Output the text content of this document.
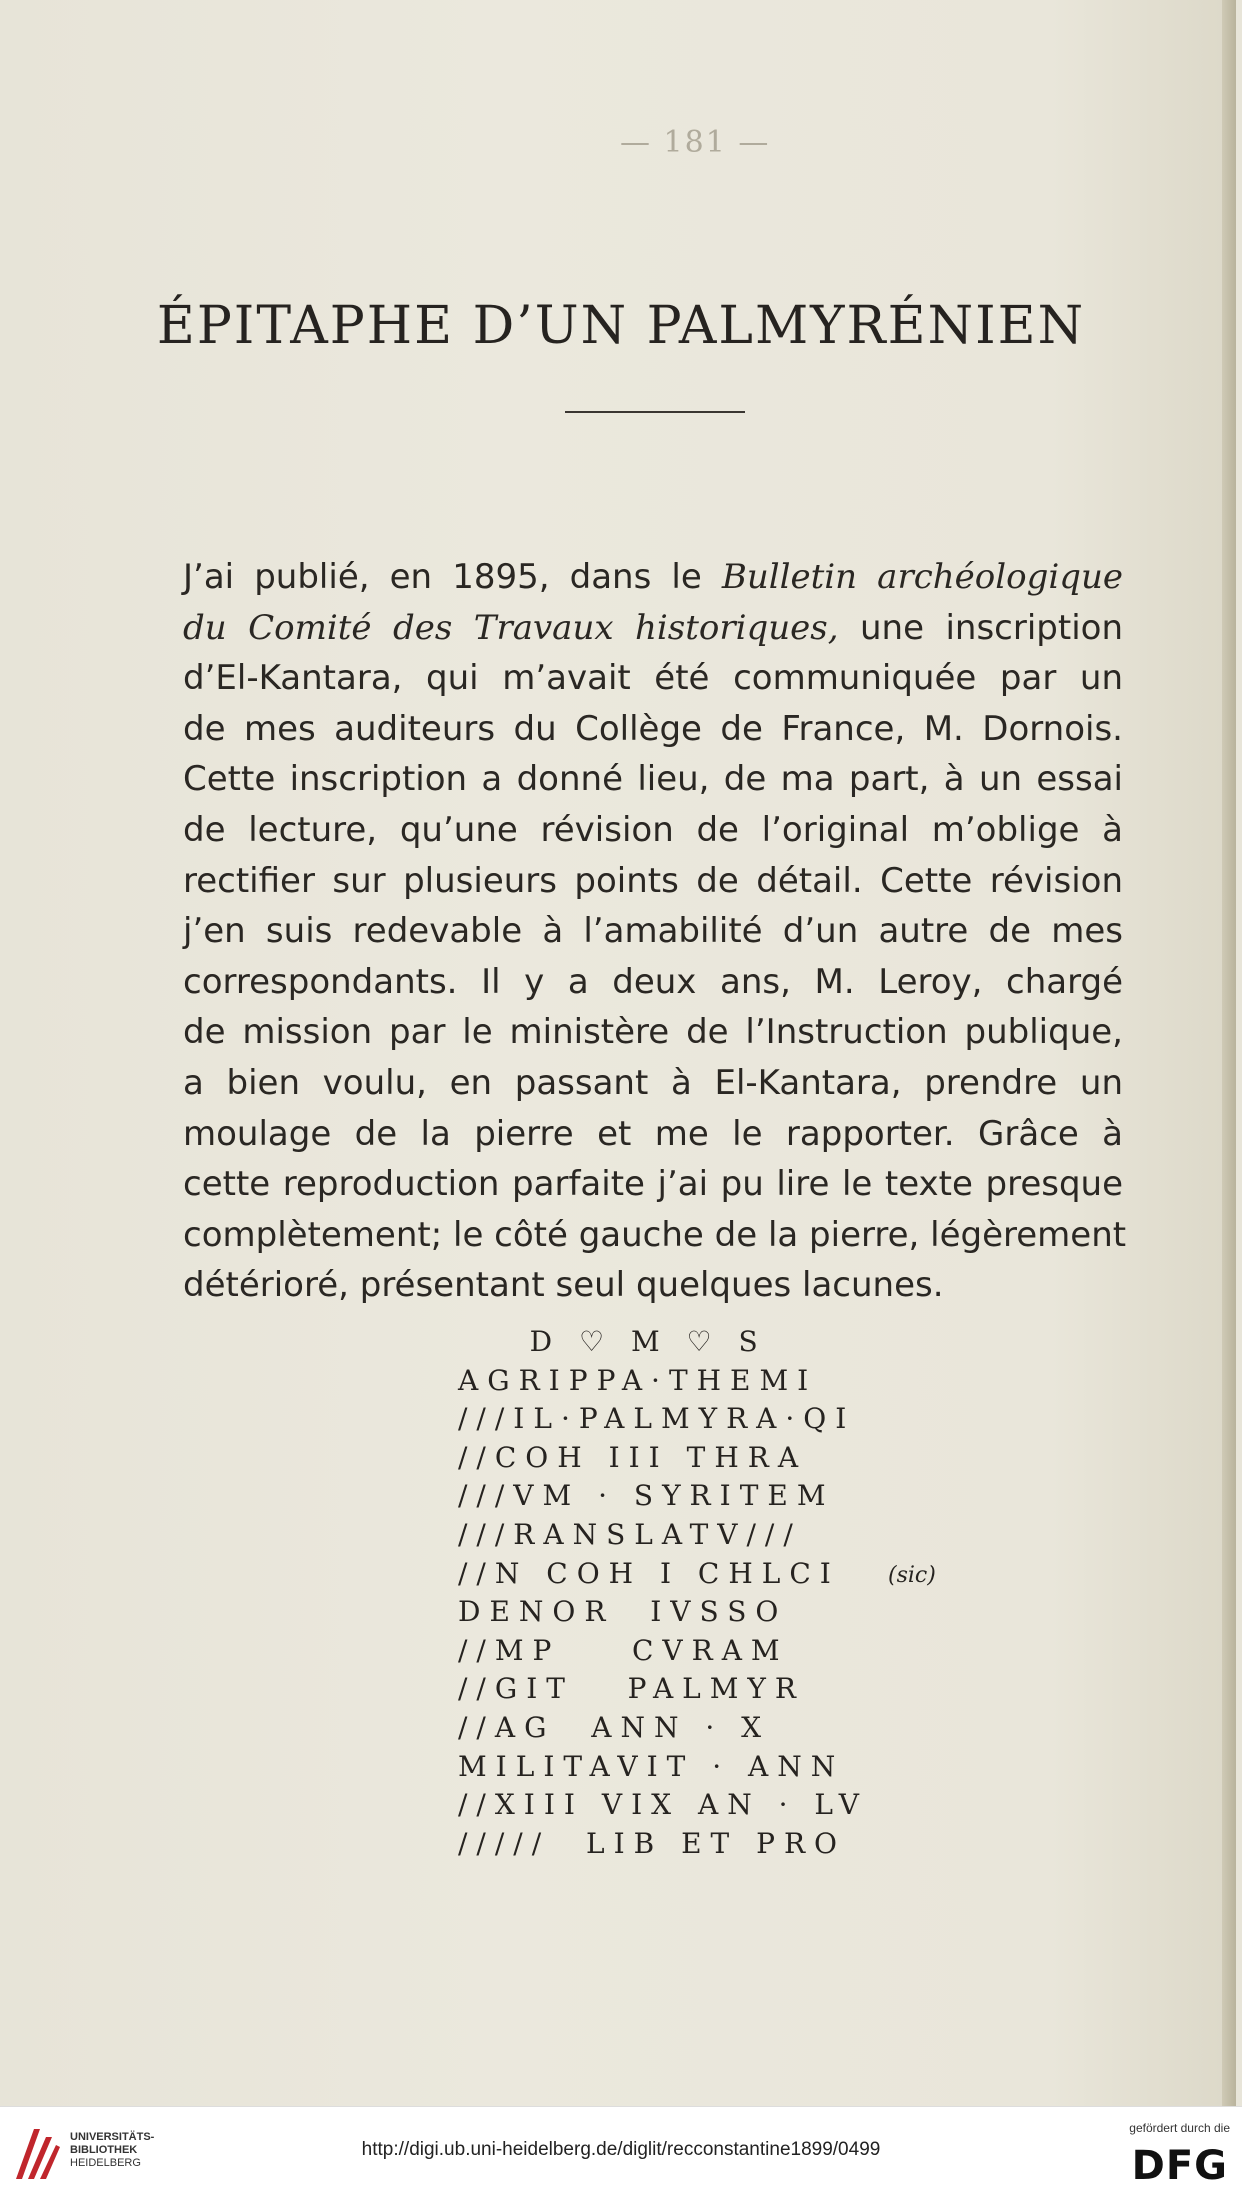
— 181 —
ÉPITAPHE D’UN PALMYRÉNIEN
J’ai publié, en 1895, dans le Bulletin archéologique
du Comité des Travaux historiques, une inscription
d’El-Kantara, qui m’avait été communiquée par un
de mes auditeurs du Collège de France, M. Dornois.
Cette inscription a donné lieu, de ma part, à un essai
de lecture, qu’une révision de l’original m’oblige à
rectifier sur plusieurs points de détail. Cette révision
j’en suis redevable à l’amabilité d’un autre de mes
correspondants. Il y a deux ans, M. Leroy, chargé
de mission par le ministère de l’Instruction publique,
a bien voulu, en passant à El-Kantara, prendre un
moulage de la pierre et me le rapporter. Grâce à
cette reproduction parfaite j’ai pu lire le texte presque
complètement; le côté gauche de la pierre, légèrement
détérioré, présentant seul quelques lacunes.
D ♡ M ♡ S
AGRIPPA·THEMI
///IL·PALMYRA·QI
//COH III THRA
///VM · SYRITEM
///RANSLATV///
//N COH I CHLCI
DENOR  IVSSO
//MP    CVRAM
//GIT   PALMYR
//AG  ANN · X
MILITAVIT · ANN
//XIII VIX AN · LV
/////  LIB ET PRO
(sic)
UNIVERSITÄTS-
BIBLIOTHEK
HEIDELBERG
http://digi.ub.uni-heidelberg.de/diglit/recconstantine1899/0499
gefördert durch die
DFG
